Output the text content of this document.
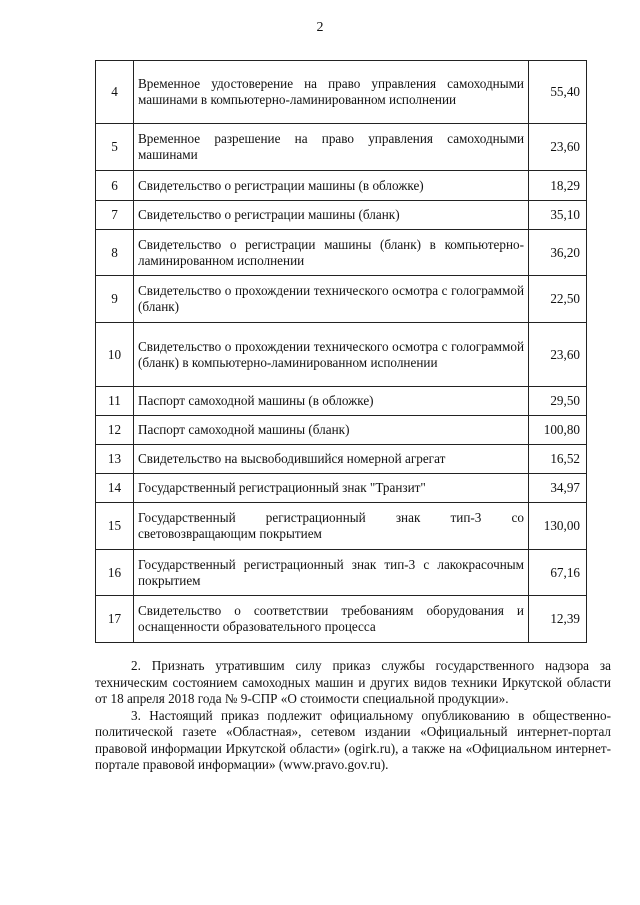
2
4	Временное удостоверение на право управления самоходными машинами в компьютерно-ламинированном исполнении	55,40
5	Временное разрешение на право управления самоходными машинами	23,60
6	Свидетельство о регистрации машины (в обложке)	18,29
7	Свидетельство о регистрации машины (бланк)	35,10
8	Свидетельство о регистрации машины (бланк) в компьютерно-ламинированном исполнении	36,20
9	Свидетельство о прохождении технического осмотра с голограммой (бланк)	22,50
10	Свидетельство о прохождении технического осмотра с голограммой (бланк) в компьютерно-ламинированном исполнении	23,60
11	Паспорт самоходной машины (в обложке)	29,50
12	Паспорт самоходной машины (бланк)	100,80
13	Свидетельство на высвободившийся номерной агрегат	16,52
14	Государственный регистрационный знак "Транзит"	34,97
15	Государственный регистрационный знак тип-3 со световозвращающим покрытием	130,00
16	Государственный регистрационный знак тип-3 с лакокрасочным покрытием	67,16
17	Свидетельство о соответствии требованиям оборудования и оснащенности образовательного процесса	12,39

2. Признать утратившим силу приказ службы государственного надзора за техническим состоянием самоходных машин и других видов техники Иркутской области от 18 апреля 2018 года № 9-СПР «О стоимости специальной продукции».

3. Настоящий приказ подлежит официальному опубликованию в общественно-политической газете «Областная», сетевом издании «Официальный интернет-портал правовой информации Иркутской области» (ogirk.ru), а также на «Официальном интернет-портале правовой информации» (www.pravo.gov.ru).
